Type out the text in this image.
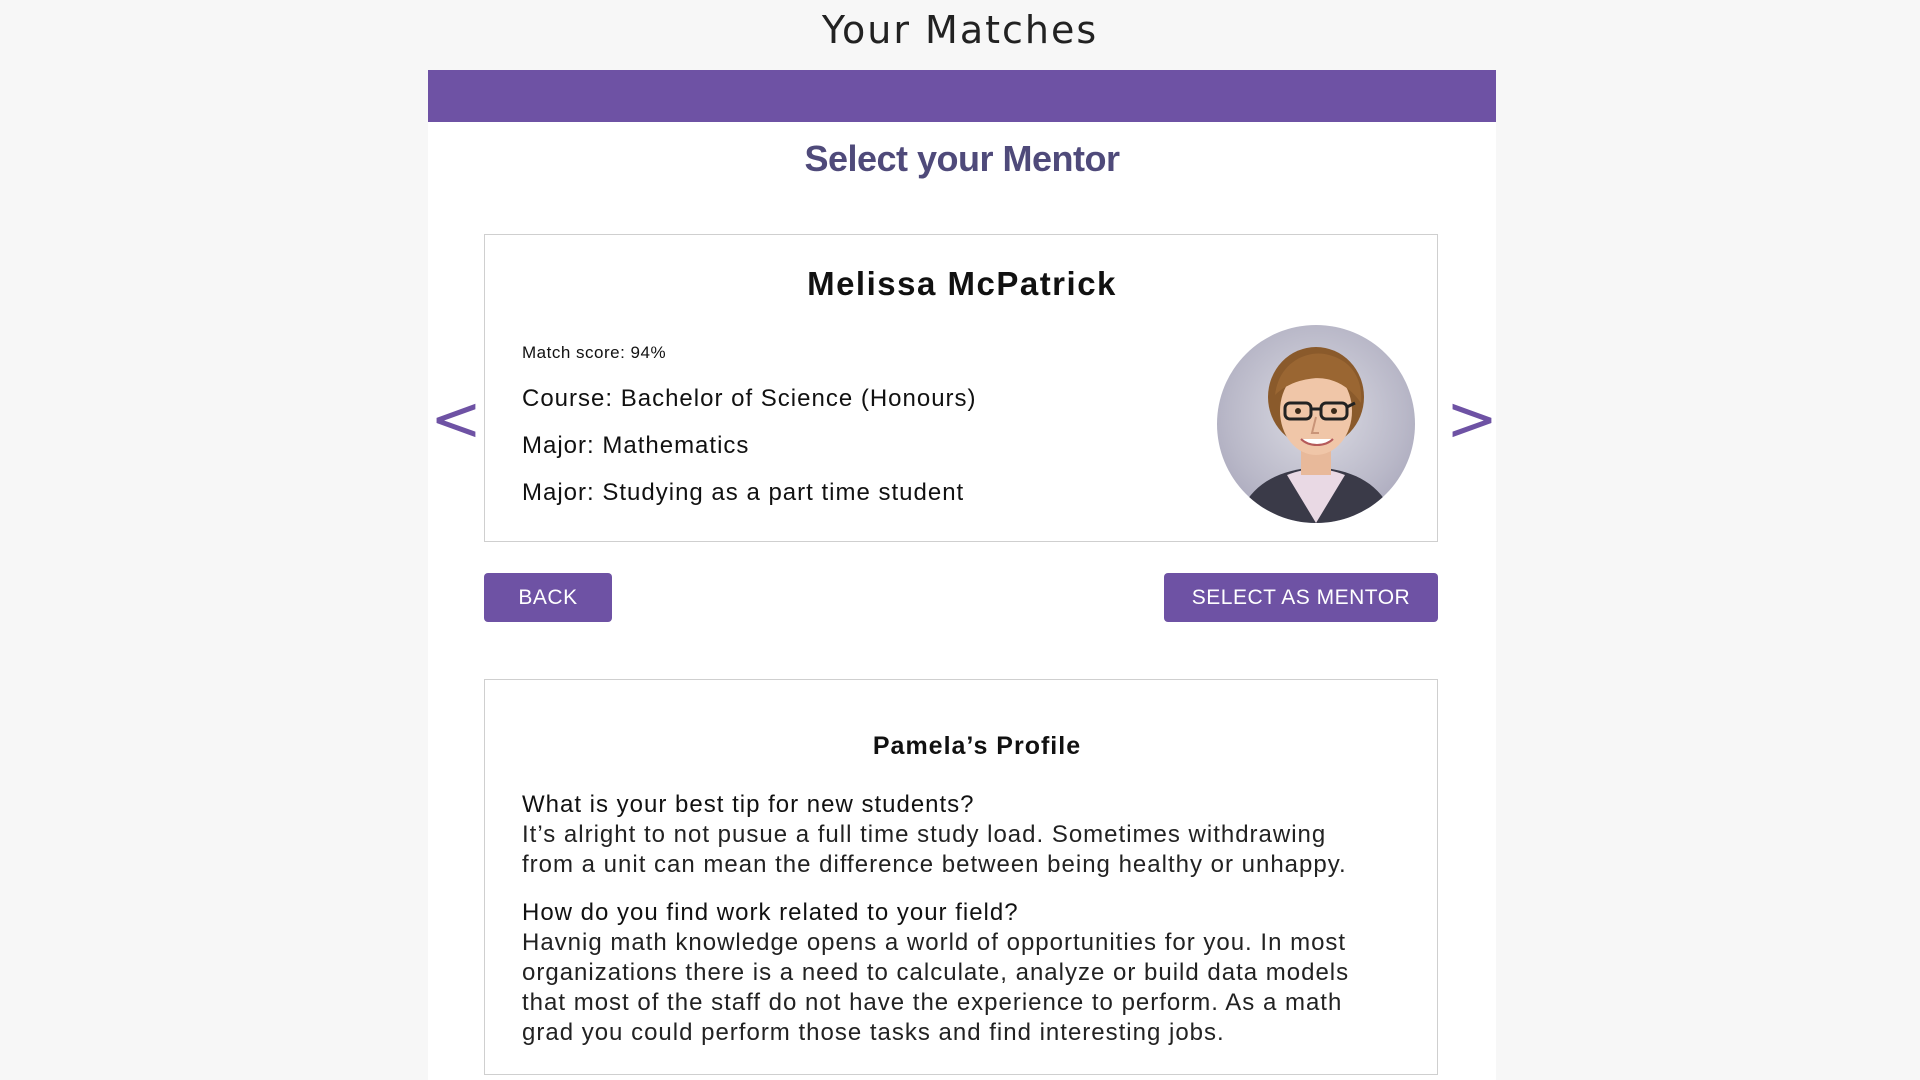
Your Matches
Select your Mentor
<	>
Melissa McPatrick
Match score: 94%
Course: Bachelor of Science (Honours)
Major: Mathematics
Major: Studying as a part time student
BACK	SELECT AS MENTOR
Pamela’s Profile
What is your best tip for new students?
It’s alright to not pusue a full time study load. Sometimes withdrawing
from a unit can mean the difference between being healthy or unhappy.
How do you find work related to your field?
Havnig math knowledge opens a world of opportunities for you. In most
organizations there is a need to calculate, analyze or build data models
that most of the staff do not have the experience to perform. As a math
grad you could perform those tasks and find interesting jobs.
